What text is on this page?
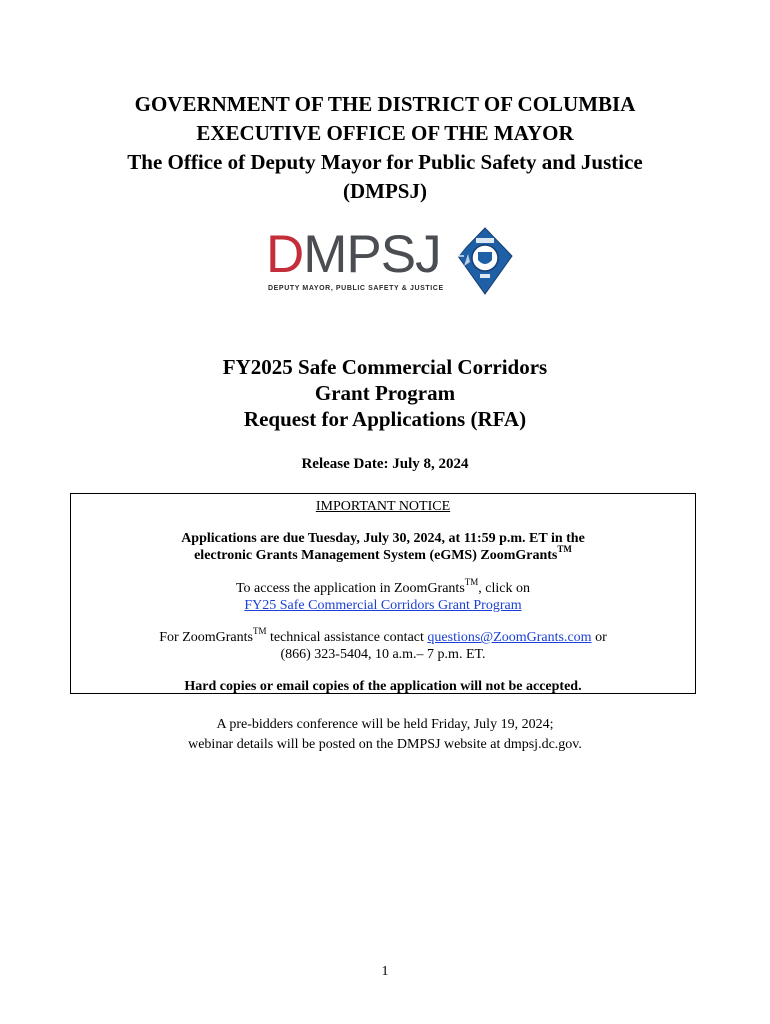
GOVERNMENT OF THE DISTRICT OF COLUMBIA
EXECUTIVE OFFICE OF THE MAYOR
The Office of Deputy Mayor for Public Safety and Justice
(DMPSJ)
DMPSJ
DEPUTY MAYOR, PUBLIC SAFETY & JUSTICE
FY2025 Safe Commercial Corridors
Grant Program
Request for Applications (RFA)
Release Date: July 8, 2024
IMPORTANT NOTICE
Applications are due Tuesday, July 30, 2024, at 11:59 p.m. ET in the
electronic Grants Management System (eGMS) ZoomGrants™
To access the application in ZoomGrants™, click on
FY25 Safe Commercial Corridors Grant Program
For ZoomGrants™ technical assistance contact questions@ZoomGrants.com or
(866) 323-5404, 10 a.m.– 7 p.m. ET.
Hard copies or email copies of the application will not be accepted.
A pre-bidders conference will be held Friday, July 19, 2024;
webinar details will be posted on the DMPSJ website at dmpsj.dc.gov.
1
